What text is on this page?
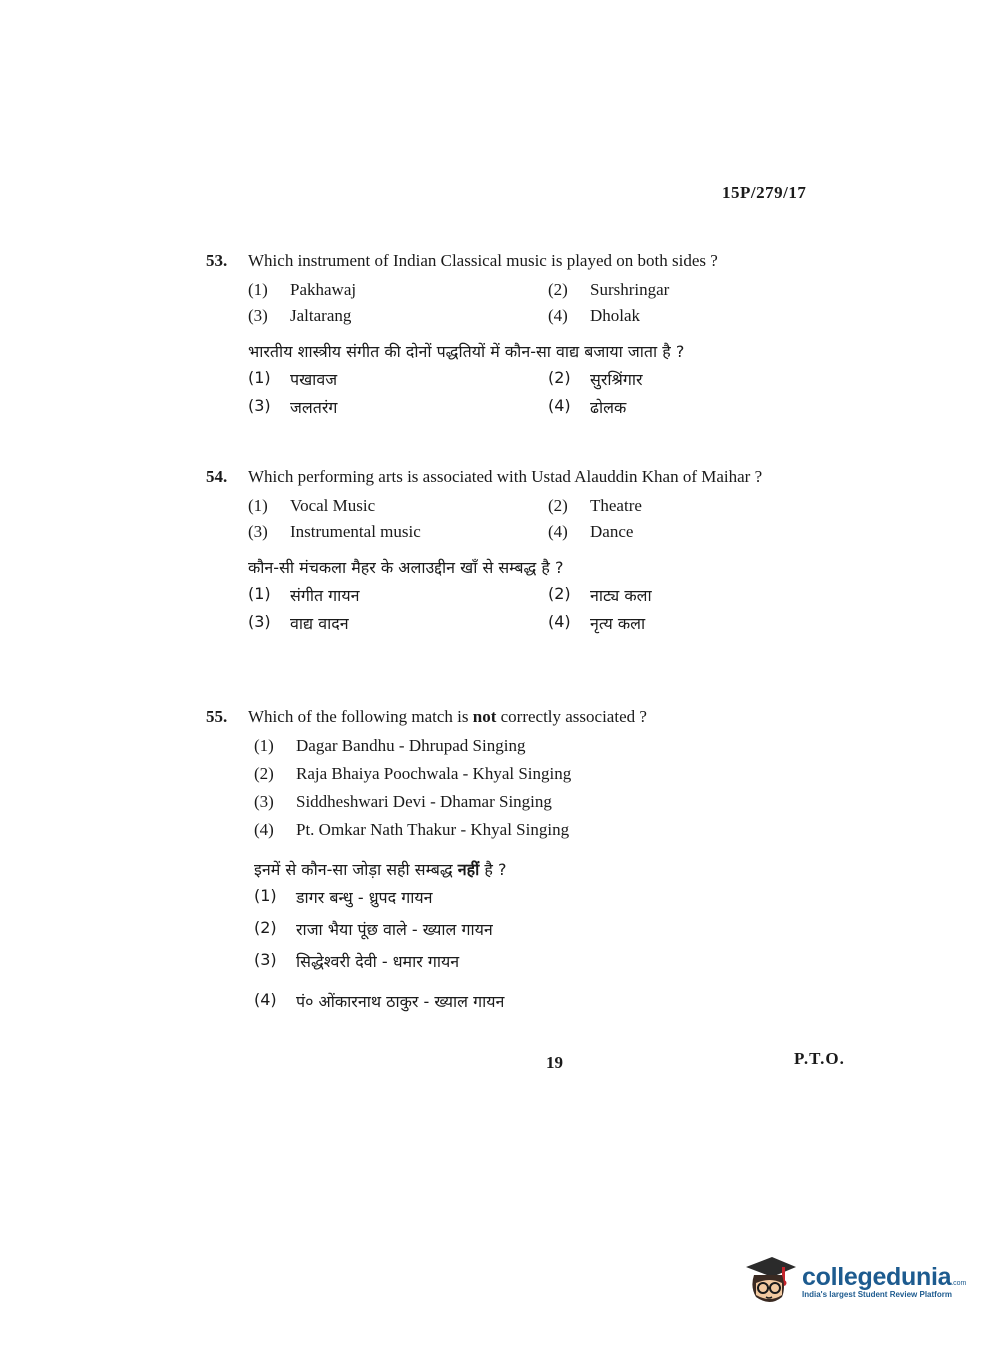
15P/279/17
53.	Which instrument of Indian Classical music is played on both sides ?
(1)	Pakhawaj	(2)	Surshringar
(3)	Jaltarang	(4)	Dholak
भारतीय शास्त्रीय संगीत की दोनों पद्धतियों में कौन-सा वाद्य बजाया जाता है ?
(1)	पखावज	(2)	सुरश्रिंगार
(3)	जलतरंग	(4)	ढोलक
54.	Which performing arts is associated with Ustad Alauddin Khan of Maihar ?
(1)	Vocal Music	(2)	Theatre
(3)	Instrumental music	(4)	Dance
कौन-सी मंचकला मैहर के अलाउद्दीन खाँ से सम्बद्ध है ?
(1)	संगीत गायन	(2)	नाट्य कला
(3)	वाद्य वादन	(4)	नृत्य कला
55.	Which of the following match is not correctly associated ?
(1)	Dagar Bandhu - Dhrupad Singing
(2)	Raja Bhaiya Poochwala - Khyal Singing
(3)	Siddheshwari Devi - Dhamar Singing
(4)	Pt. Omkar Nath Thakur - Khyal Singing
इनमें से कौन-सा जोड़ा सही सम्बद्ध नहीं है ?
(1)	डागर बन्धु - ध्रुपद गायन
(2)	राजा भैया पूंछ वाले - ख्याल गायन
(3)	सिद्धेश्वरी देवी - धमार गायन
(4)	पं० ओंकारनाथ ठाकुर - ख्याल गायन
19	P.T.O.
collegedunia.com
India's largest Student Review Platform
